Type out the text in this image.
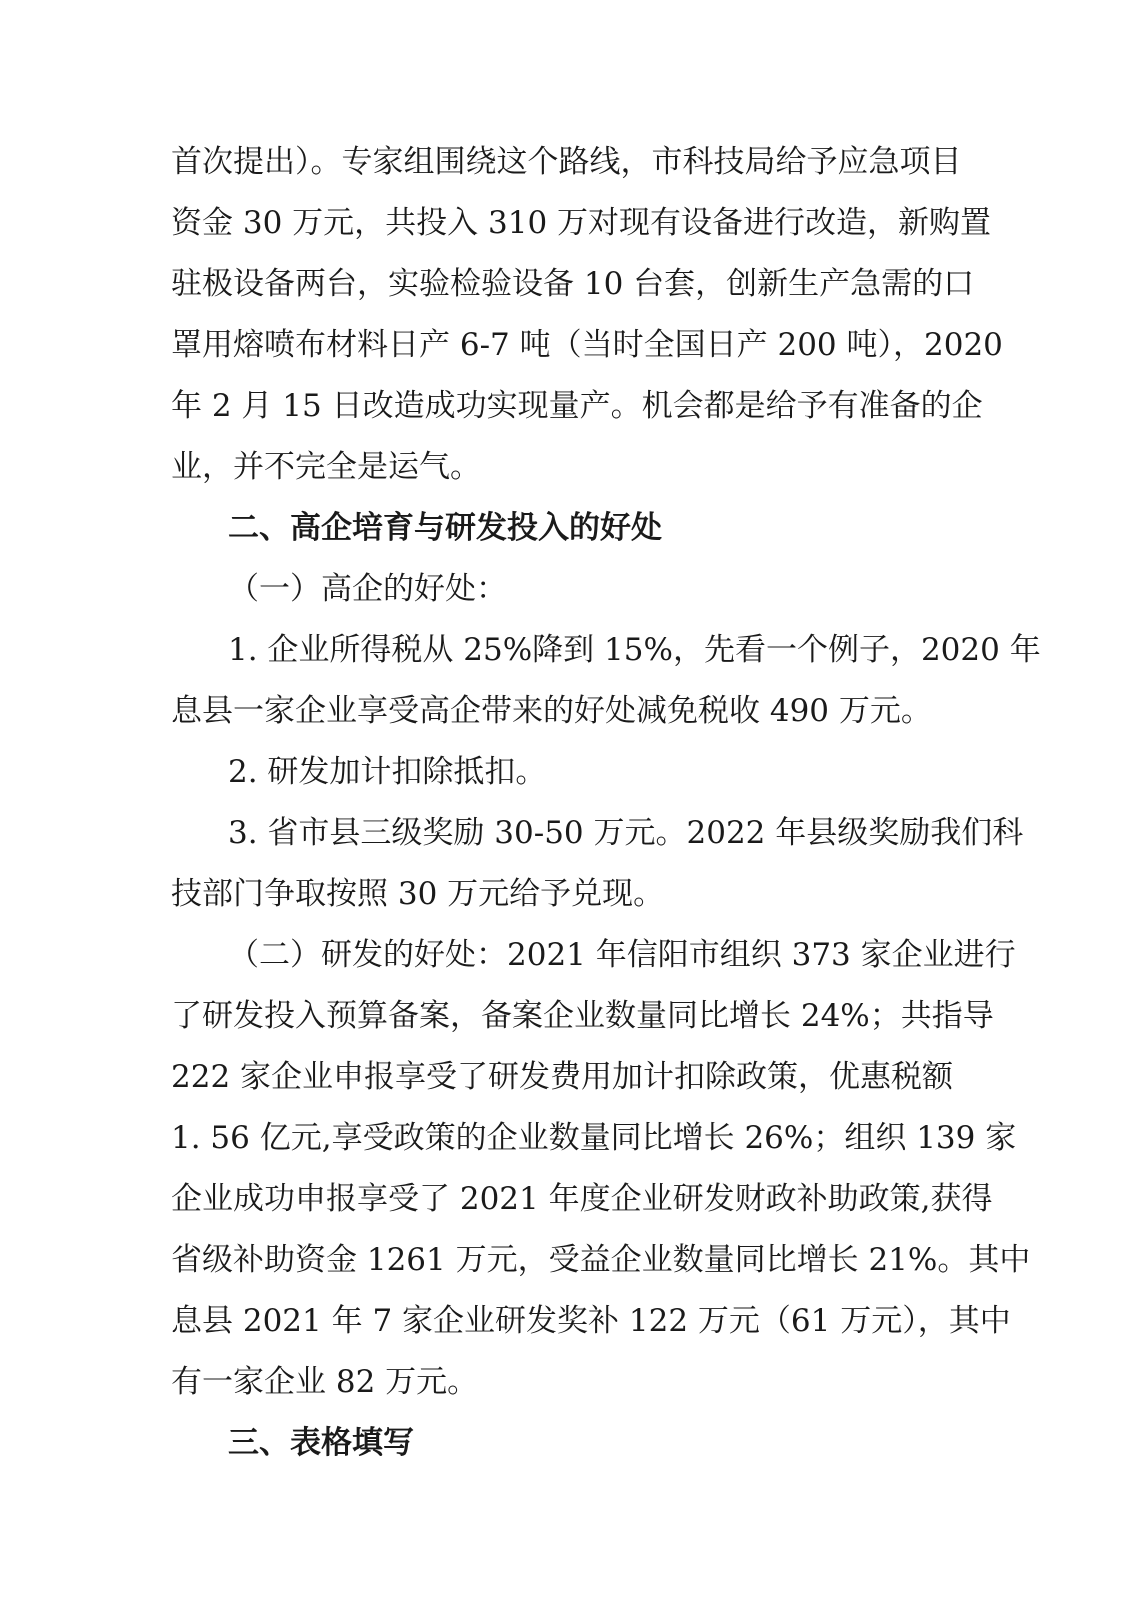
首次提出）。专家组围绕这个路线，市科技局给予应急项目
资金 30 万元，共投入 310 万对现有设备进行改造，新购置
驻极设备两台，实验检验设备 10 台套，创新生产急需的口
罩用熔喷布材料日产 6-7 吨（当时全国日产 200 吨），2020
年 2 月 15 日改造成功实现量产。机会都是给予有准备的企
业，并不完全是运气。
二、高企培育与研发投入的好处
（一）高企的好处：
1. 企业所得税从 25%降到 15%，先看一个例子，2020 年
息县一家企业享受高企带来的好处减免税收 490 万元。
2. 研发加计扣除抵扣。
3. 省市县三级奖励 30-50 万元。2022 年县级奖励我们科
技部门争取按照 30 万元给予兑现。
（二）研发的好处：2021 年信阳市组织 373 家企业进行
了研发投入预算备案，备案企业数量同比增长 24%；共指导
222 家企业申报享受了研发费用加计扣除政策，优惠税额
1. 56 亿元,享受政策的企业数量同比增长 26%；组织 139 家
企业成功申报享受了 2021 年度企业研发财政补助政策,获得
省级补助资金 1261 万元，受益企业数量同比增长 21%。其中
息县 2021 年 7 家企业研发奖补 122 万元（61 万元），其中
有一家企业 82 万元。
三、表格填写
